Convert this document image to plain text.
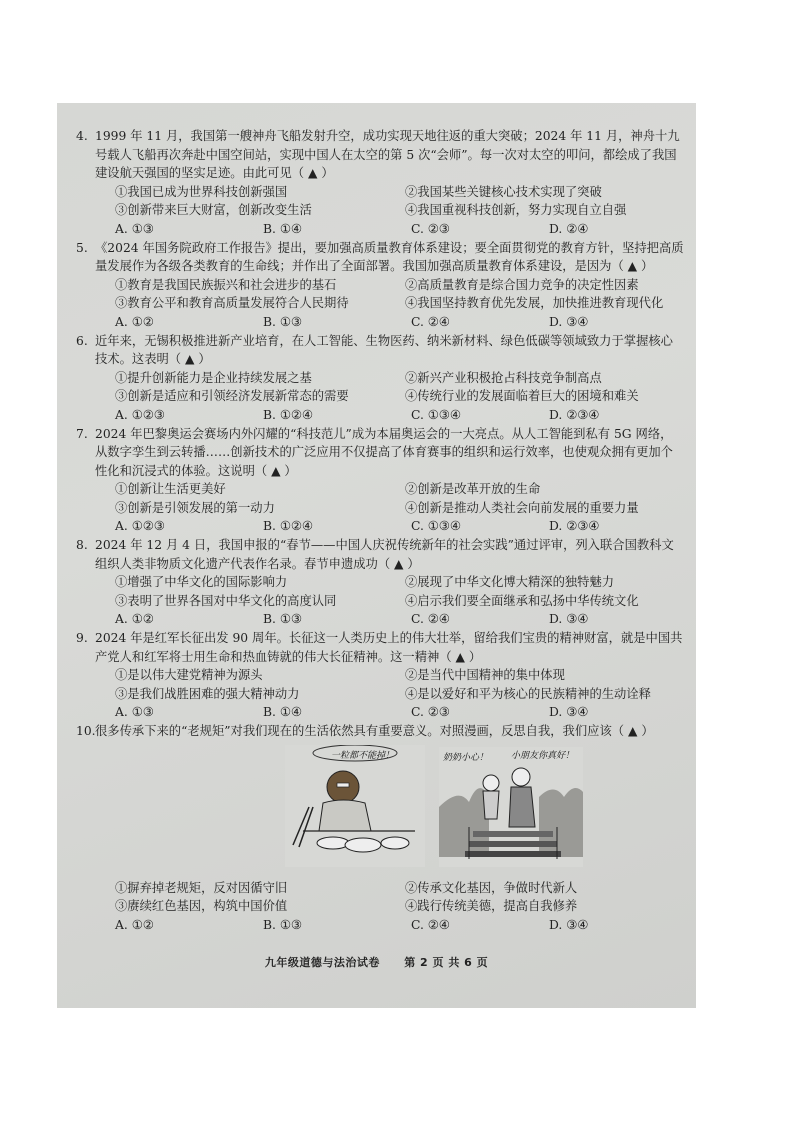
4. 1999 年 11 月，我国第一艘神舟飞船发射升空，成功实现天地往返的重大突破；2024 年 11 月，神舟十九号载人飞船再次奔赴中国空间站，实现中国人在太空的第 5 次“会师”。每一次对太空的叩问，都绘成了我国建设航天强国的坚实足迹。由此可见（ ▲ ）

①我国已成为世界科技创新强国	②我国某些关键核心技术实现了突破
③创新带来巨大财富，创新改变生活	④我国重视科技创新，努力实现自立自强
A. ①③	B. ①④	C. ②③	D. ②④

5. 《2024 年国务院政府工作报告》提出，要加强高质量教育体系建设；要全面贯彻党的教育方针，坚持把高质量发展作为各级各类教育的生命线；并作出了全面部署。我国加强高质量教育体系建设，是因为（ ▲ ）

①教育是我国民族振兴和社会进步的基石	②高质量教育是综合国力竞争的决定性因素
③教育公平和教育高质量发展符合人民期待	④我国坚持教育优先发展，加快推进教育现代化
A. ①②	B. ①③	C. ②④	D. ③④

6. 近年来，无锡积极推进新产业培育，在人工智能、生物医药、纳米新材料、绿色低碳等领域致力于掌握核心技术。这表明（ ▲ ）

①提升创新能力是企业持续发展之基	②新兴产业积极抢占科技竞争制高点
③创新是适应和引领经济发展新常态的需要	④传统行业的发展面临着巨大的困境和难关
A. ①②③	B. ①②④	C. ①③④	D. ②③④

7. 2024 年巴黎奥运会赛场内外闪耀的“科技范儿”成为本届奥运会的一大亮点。从人工智能到私有 5G 网络，从数字孪生到云转播……创新技术的广泛应用不仅提高了体育赛事的组织和运行效率，也使观众拥有更加个性化和沉浸式的体验。这说明（ ▲ ）

①创新让生活更美好	②创新是改革开放的生命
③创新是引领发展的第一动力	④创新是推动人类社会向前发展的重要力量
A. ①②③	B. ①②④	C. ①③④	D. ②③④

8. 2024 年 12 月 4 日，我国申报的“春节——中国人庆祝传统新年的社会实践”通过评审，列入联合国教科文组织人类非物质文化遗产代表作名录。春节申遗成功（ ▲ ）

①增强了中华文化的国际影响力	②展现了中华文化博大精深的独特魅力
③表明了世界各国对中华文化的高度认同	④启示我们要全面继承和弘扬中华传统文化
A. ①②	B. ①③	C. ②④	D. ③④

9. 2024 年是红军长征出发 90 周年。长征这一人类历史上的伟大壮举，留给我们宝贵的精神财富，就是中国共产党人和红军将士用生命和热血铸就的伟大长征精神。这一精神（ ▲ ）

①是以伟大建党精神为源头	②是当代中国精神的集中体现
③是我们战胜困难的强大精神动力	④是以爱好和平为核心的民族精神的生动诠释
A. ①③	B. ①④	C. ②③	D. ③④

10.很多传承下来的“老规矩”对我们现在的生活依然具有重要意义。对照漫画，反思自我，我们应该（ ▲ ）

一粒都不能掉！	奶奶小心！	小朋友你真好！
①摒弃掉老规矩，反对因循守旧	②传承文化基因，争做时代新人
③赓续红色基因，构筑中国价值	④践行传统美德，提高自我修养
A. ①②	B. ①③	C. ②④	D. ③④
九年级道德与法治试卷 第 2 页 共 6 页
